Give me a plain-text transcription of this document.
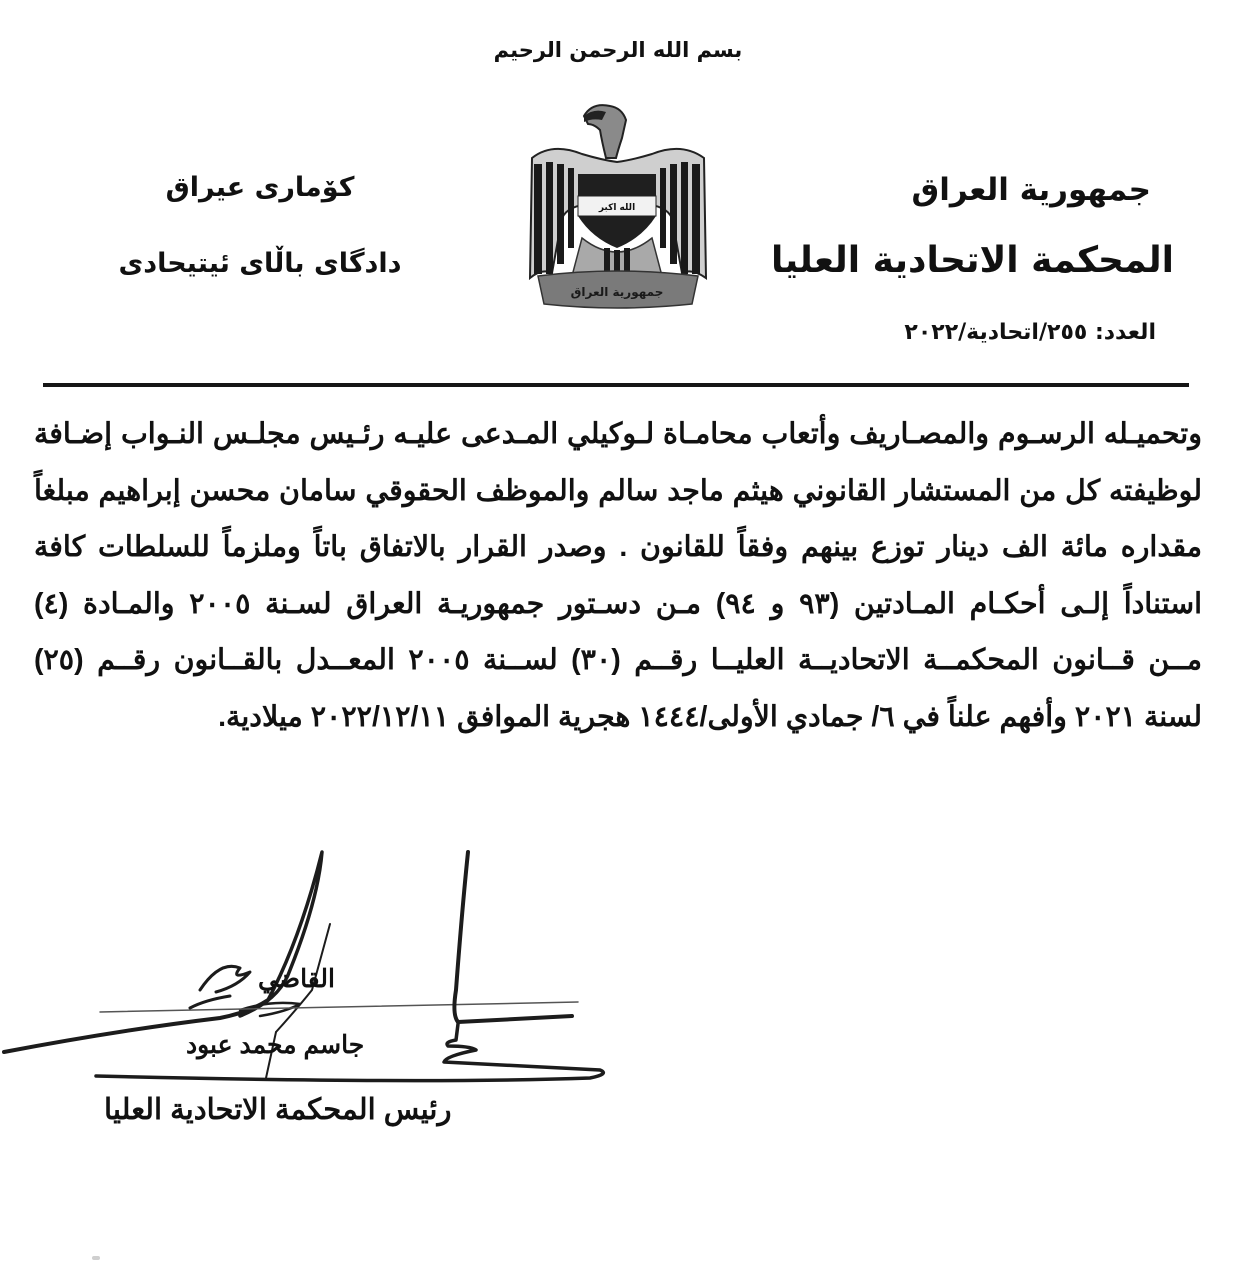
بسم الله الرحمن الرحيم
جمهورية العراق
المحكمة الاتحادية العليا
العدد: ٢٥٥/اتحادية/٢٠٢٢
كۆماری عيراق
دادگای باڵای ئیتیحادی
الله اكبر
جمهورية العراق
وتحميـله الرسـوم والمصـاريف وأتعاب محامـاة لـوكيلي المـدعى عليـه رئـيس مجلـس النـواب إضـافة
لوظيفته كل من المستشار القانوني هيثم ماجد سالم والموظف الحقوقي سامان محسن إبراهيم مبلغاً
مقداره مائة الف دينار توزع بينهم وفقاً للقانون . وصدر القرار بالاتفاق باتاً وملزماً للسلطات كافة
استناداً إلـى أحكـام المـادتين (٩٣ و ٩٤) مـن دسـتور جمهوريـة العراق لسـنة ٢٠٠٥ والمـادة (٤)
مــن قــانون المحكمــة الاتحاديــة العليــا رقــم (٣٠) لســنة ٢٠٠٥ المعــدل بالقــانون رقــم (٢٥)
لسنة ٢٠٢١ وأفهم علناً في ٦/ جمادي الأولى/١٤٤٤ هجرية الموافق ٢٠٢٢/١٢/١١ ميلادية.
القاضي
جاسم محمد عبود
رئيس المحكمة الاتحادية العليا
